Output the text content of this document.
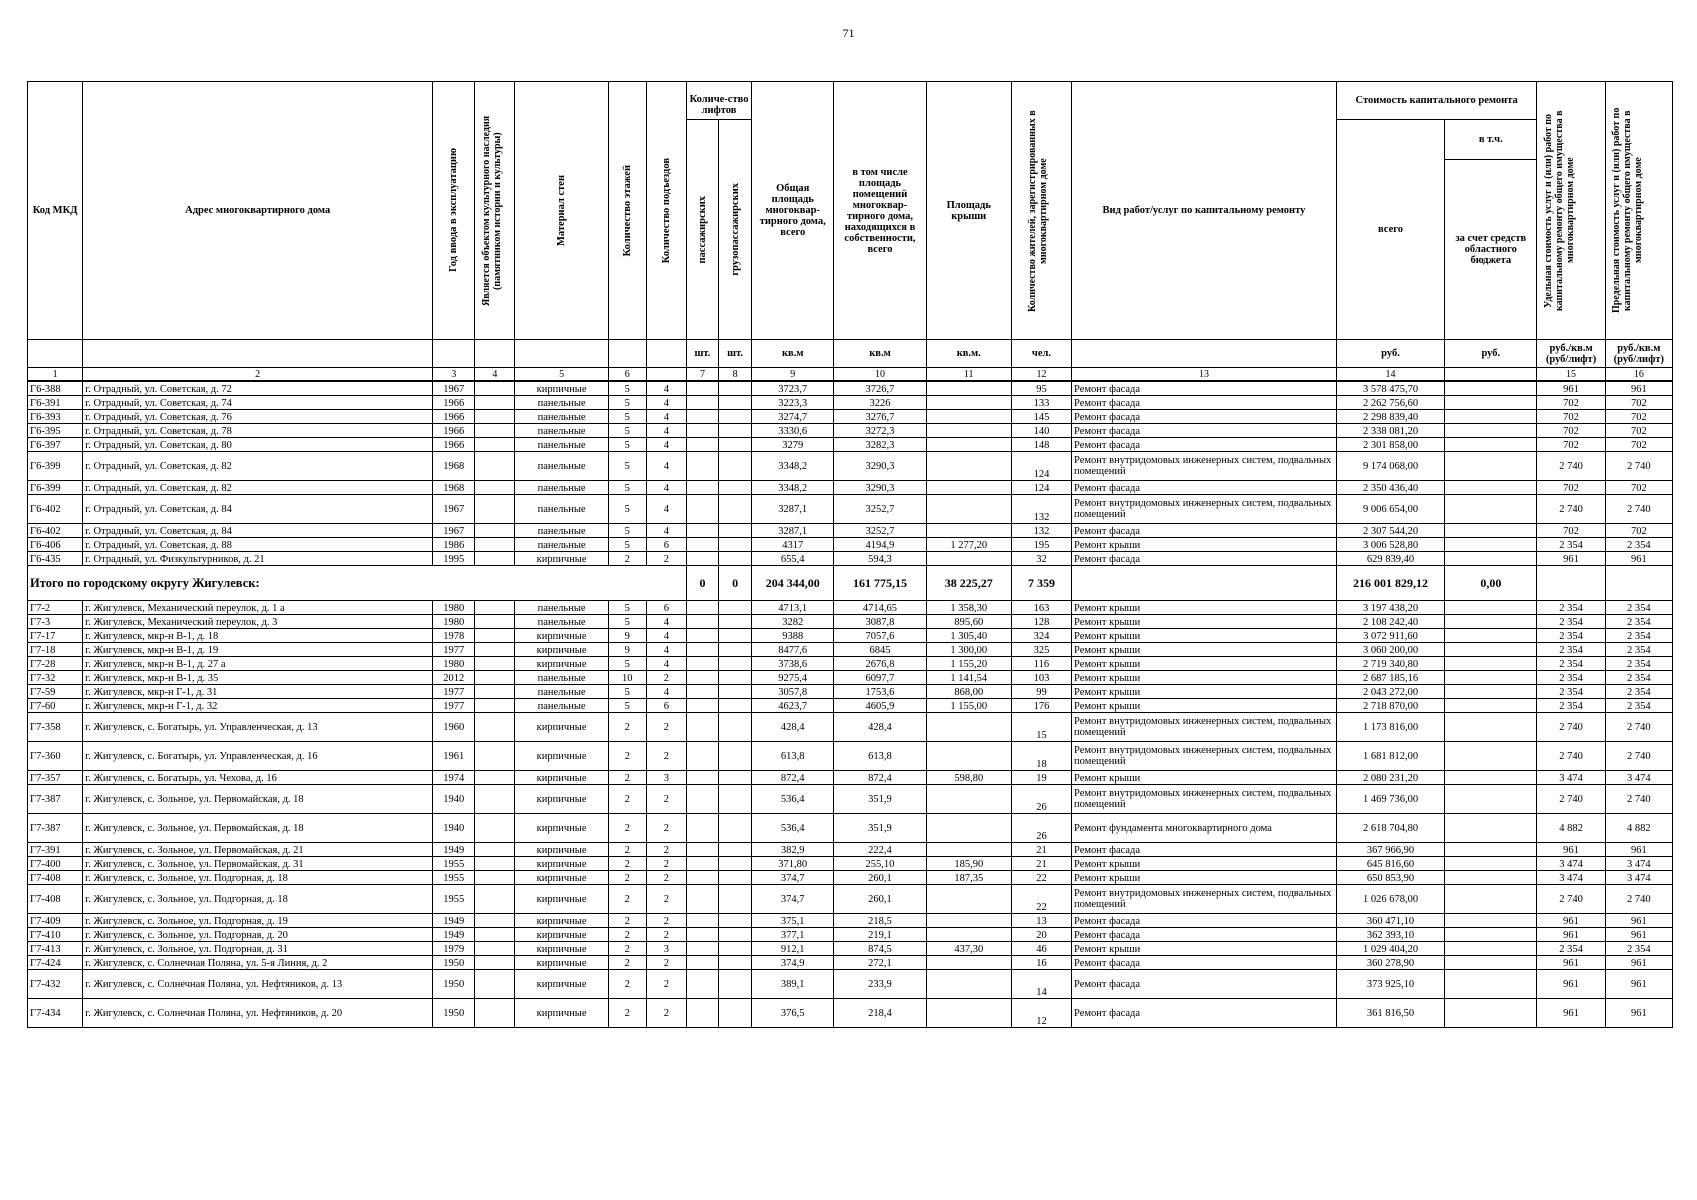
71
Код МКД	Адрес многоквартирного дома	Год ввода в эксплуатацию	Является объектом культурного наследия (памятником истории и культуры)	Материал стен	Количество этажей	Количество подъездов	Количе-ство лифтов		Общая площадь многоквар-тирного дома, всего	в том числе площадь помещений многоквар-тирного дома, находящихся в собственности, всего	Площадь крыши	Количество жителей, зарегистрированных в многоквартирном доме	Вид работ/услуг по капитальному ремонту	Стоимость капитального ремонта		Удельная стоимость услуг и (или) работ по капитальному ремонту общего имущества в многоквартирном доме	Предельная стоимость услуг и (или) работ по капитальному ремонту общего имущества в многоквартирном доме

							пассажирских	грузопассажирских						всего	в т.ч.		
															за счет средств областного бюджета		
							шт.	шт.	кв.м	кв.м	кв.м.	чел.		руб.	руб.	руб./кв.м (руб/лифт)	руб./кв.м (руб/лифт)
1	2	3	4	5	6		7	8	9	10	11	12	13	14		15	16
Г6-388	г. Отрадный, ул. Советская, д. 72	1967		кирпичные	5	4			3723,7	3726,7		95	Ремонт фасада	3 578 475,70		961	961
Г6-391	г. Отрадный, ул. Советская, д. 74	1966		панельные	5	4			3223,3	3226		133	Ремонт фасада	2 262 756,60		702	702
Г6-393	г. Отрадный, ул. Советская, д. 76	1966		панельные	5	4			3274,7	3276,7		145	Ремонт фасада	2 298 839,40		702	702
Г6-395	г. Отрадный, ул. Советская, д. 78	1966		панельные	5	4			3330,6	3272,3		140	Ремонт фасада	2 338 081,20		702	702
Г6-397	г. Отрадный, ул. Советская, д. 80	1966		панельные	5	4			3279	3282,3		148	Ремонт фасада	2 301 858,00		702	702
Г6-399	г. Отрадный, ул. Советская, д. 82	1968		панельные	5	4			3348,2	3290,3		124	Ремонт внутридомовых инженерных систем, подвальных помещений	9 174 068,00		2 740	2 740
Г6-399	г. Отрадный, ул. Советская, д. 82	1968		панельные	5	4			3348,2	3290,3		124	Ремонт фасада	2 350 436,40		702	702
Г6-402	г. Отрадный, ул. Советская, д. 84	1967		панельные	5	4			3287,1	3252,7		132	Ремонт внутридомовых инженерных систем, подвальных помещений	9 006 654,00		2 740	2 740
Г6-402	г. Отрадный, ул. Советская, д. 84	1967		панельные	5	4			3287,1	3252,7		132	Ремонт фасада	2 307 544,20		702	702
Г6-406	г. Отрадный, ул. Советская, д. 88	1986		панельные	5	6			4317	4194,9	1 277,20	195	Ремонт крыши	3 006 528,80		2 354	2 354
Г6-435	г. Отрадный, ул. Физкультурников, д. 21	1995		кирпичные	2	2			655,4	594,3		32	Ремонт фасада	629 839,40		961	961
Итого по городскому округу Жигулевск:							0	0	204 344,00	161 775,15	38 225,27	7 359		216 001 829,12	0,00		
Г7-2	г. Жигулевск, Механический переулок, д. 1 а	1980		панельные	5	6			4713,1	4714,65	1 358,30	163	Ремонт крыши	3 197 438,20		2 354	2 354
Г7-3	г. Жигулевск, Механический переулок, д. 3	1980		панельные	5	4			3282	3087,8	895,60	128	Ремонт крыши	2 108 242,40		2 354	2 354
Г7-17	г. Жигулевск, мкр-н В-1, д. 18	1978		кирпичные	9	4			9388	7057,6	1 305,40	324	Ремонт крыши	3 072 911,60		2 354	2 354
Г7-18	г. Жигулевск, мкр-н В-1, д. 19	1977		кирпичные	9	4			8477,6	6845	1 300,00	325	Ремонт крыши	3 060 200,00		2 354	2 354
Г7-28	г. Жигулевск, мкр-н В-1, д. 27 а	1980		кирпичные	5	4			3738,6	2676,8	1 155,20	116	Ремонт крыши	2 719 340,80		2 354	2 354
Г7-32	г. Жигулевск, мкр-н В-1, д. 35	2012		панельные	10	2			9275,4	6097,7	1 141,54	103	Ремонт крыши	2 687 185,16		2 354	2 354
Г7-59	г. Жигулевск, мкр-н Г-1, д. 31	1977		панельные	5	4			3057,8	1753,6	868,00	99	Ремонт крыши	2 043 272,00		2 354	2 354
Г7-60	г. Жигулевск, мкр-н Г-1, д. 32	1977		панельные	5	6			4623,7	4605,9	1 155,00	176	Ремонт крыши	2 718 870,00		2 354	2 354
Г7-358	г. Жигулевск, с. Богатырь, ул. Управленческая, д. 13	1960		кирпичные	2	2			428,4	428,4		15	Ремонт внутридомовых инженерных систем, подвальных помещений	1 173 816,00		2 740	2 740
Г7-360	г. Жигулевск, с. Богатырь, ул. Управленческая, д. 16	1961		кирпичные	2	2			613,8	613,8		18	Ремонт внутридомовых инженерных систем, подвальных помещений	1 681 812,00		2 740	2 740
Г7-357	г. Жигулевск, с. Богатырь, ул. Чехова, д. 16	1974		кирпичные	2	3			872,4	872,4	598,80	19	Ремонт крыши	2 080 231,20		3 474	3 474
Г7-387	г. Жигулевск, с. Зольное, ул. Первомайская, д. 18	1940		кирпичные	2	2			536,4	351,9		26	Ремонт внутридомовых инженерных систем, подвальных помещений	1 469 736,00		2 740	2 740
Г7-387	г. Жигулевск, с. Зольное, ул. Первомайская, д. 18	1940		кирпичные	2	2			536,4	351,9		26	Ремонт фундамента многоквартирного дома	2 618 704,80		4 882	4 882
Г7-391	г. Жигулевск, с. Зольное, ул. Первомайская, д. 21	1949		кирпичные	2	2			382,9	222,4		21	Ремонт фасада	367 966,90		961	961
Г7-400	г. Жигулевск, с. Зольное, ул. Первомайская, д. 31	1955		кирпичные	2	2			371,80	255,10	185,90	21	Ремонт крыши	645 816,60		3 474	3 474
Г7-408	г. Жигулевск, с. Зольное, ул. Подгорная, д. 18	1955		кирпичные	2	2			374,7	260,1	187,35	22	Ремонт крыши	650 853,90		3 474	3 474
Г7-408	г. Жигулевск, с. Зольное, ул. Подгорная, д. 18	1955		кирпичные	2	2			374,7	260,1		22	Ремонт внутридомовых инженерных систем, подвальных помещений	1 026 678,00		2 740	2 740
Г7-409	г. Жигулевск, с. Зольное, ул. Подгорная, д. 19	1949		кирпичные	2	2			375,1	218,5		13	Ремонт фасада	360 471,10		961	961
Г7-410	г. Жигулевск, с. Зольное, ул. Подгорная, д. 20	1949		кирпичные	2	2			377,1	219,1		20	Ремонт фасада	362 393,10		961	961
Г7-413	г. Жигулевск, с. Зольное, ул. Подгорная, д. 31	1979		кирпичные	2	3			912,1	874,5	437,30	46	Ремонт крыши	1 029 404,20		2 354	2 354
Г7-424	г. Жигулевск, с. Солнечная Поляна, ул. 5-я Линия, д. 2	1950		кирпичные	2	2			374,9	272,1		16	Ремонт фасада	360 278,90		961	961
Г7-432	г. Жигулевск, с. Солнечная Поляна, ул. Нефтяников, д. 13	1950		кирпичные	2	2			389,1	233,9		14	Ремонт фасада	373 925,10		961	961
Г7-434	г. Жигулевск, с. Солнечная Поляна, ул. Нефтяников, д. 20	1950		кирпичные	2	2			376,5	218,4		12	Ремонт фасада	361 816,50		961	961
